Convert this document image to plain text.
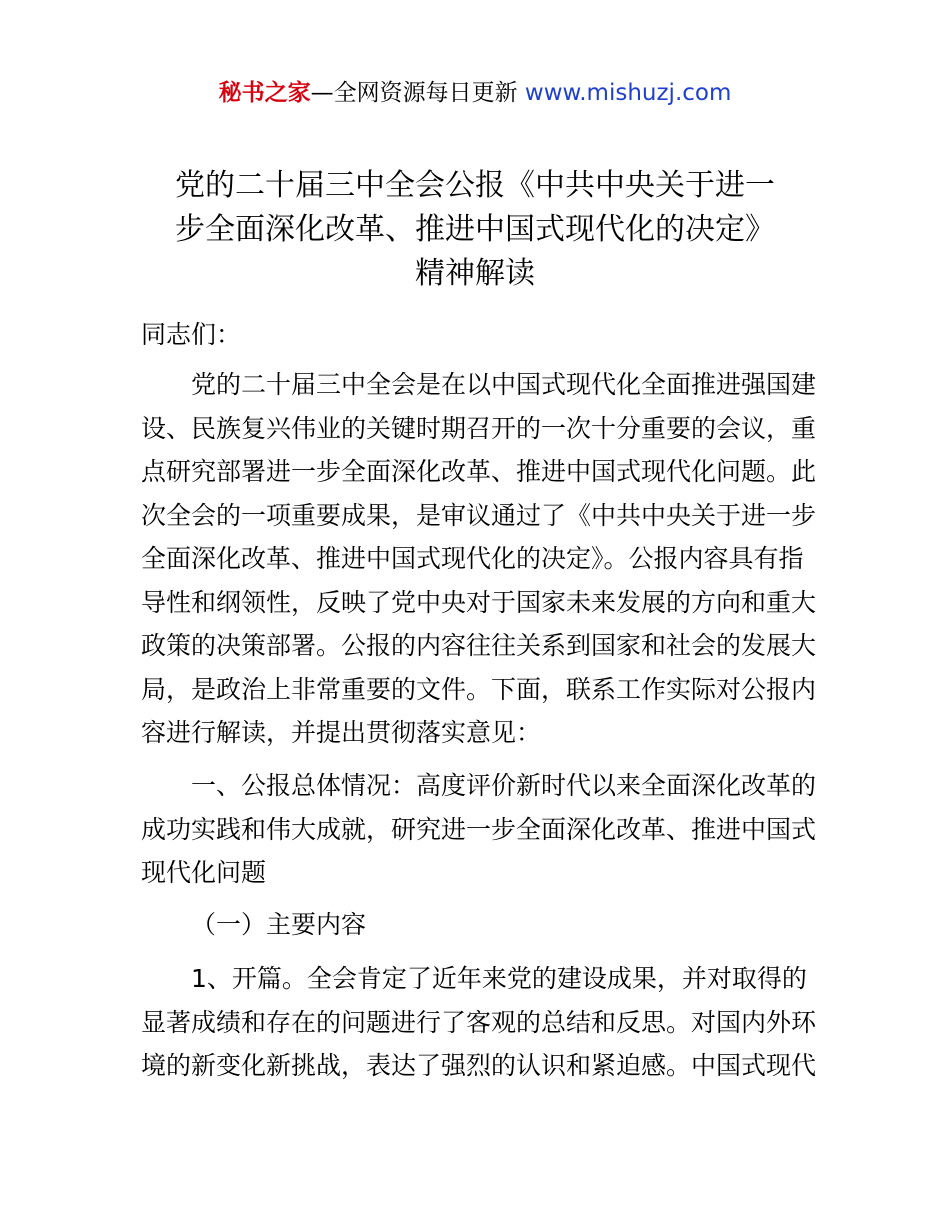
秘书之家—全网资源每日更新 www.mishuzj.com
党的二十届三中全会公报《中共中央关于进一
步全面深化改革、推进中国式现代化的决定》
精神解读
同志们：
党的二十届三中全会是在以中国式现代化全面推进强国建
设、民族复兴伟业的关键时期召开的一次十分重要的会议，重
点研究部署进一步全面深化改革、推进中国式现代化问题。此
次全会的一项重要成果，是审议通过了《中共中央关于进一步
全面深化改革、推进中国式现代化的决定》。公报内容具有指
导性和纲领性，反映了党中央对于国家未来发展的方向和重大
政策的决策部署。公报的内容往往关系到国家和社会的发展大
局，是政治上非常重要的文件。下面，联系工作实际对公报内
容进行解读，并提出贯彻落实意见：
一、公报总体情况：高度评价新时代以来全面深化改革的
成功实践和伟大成就，研究进一步全面深化改革、推进中国式
现代化问题
（一）主要内容
1、开篇。全会肯定了近年来党的建设成果，并对取得的
显著成绩和存在的问题进行了客观的总结和反思。对国内外环
境的新变化新挑战，表达了强烈的认识和紧迫感。中国式现代
